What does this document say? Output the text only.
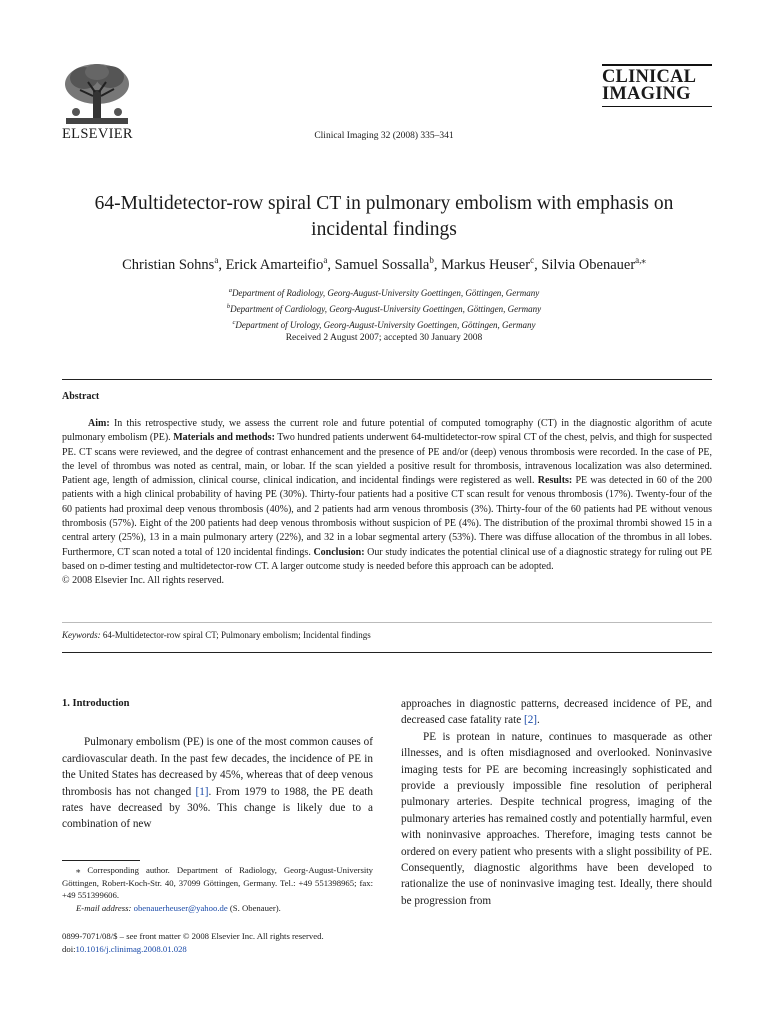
ELSEVIER	Clinical Imaging 32 (2008) 335–341
CLINICAL
IMAGING
64-Multidetector-row spiral CT in pulmonary embolism with emphasis on
incidental findings
Christian Sohns$^a$, Erick Amarteifio$^a$, Samuel Sossalla$^b$, Markus Heuser$^c$, Silvia Obenauer$^{a,⁎}$
$^a$Department of Radiology, Georg-August-University Goettingen, Göttingen, Germany
$^b$Department of Cardiology, Georg-August-University Goettingen, Göttingen, Germany
$^c$Department of Urology, Georg-August-University Goettingen, Göttingen, Germany
Received 2 August 2007; accepted 30 January 2008
Abstract

Aim: In this retrospective study, we assess the current role and future potential of computed tomography (CT) in the diagnostic algorithm of acute pulmonary embolism (PE). Materials and methods: Two hundred patients underwent 64-multidetector-row spiral CT of the chest, pelvis, and thigh for suspected PE. CT scans were reviewed, and the degree of contrast enhancement and the presence of PE and/or (deep) venous thrombosis were recorded. In the case of PE, the level of thrombus was noted as central, main, or lobar. If the scan yielded a positive result for thrombosis, intravenous localization was also determined. Patient age, length of admission, clinical course, clinical indication, and incidental findings were registered as well. Results: PE was detected in 60 of the 200 patients with a high clinical probability of having PE (30%). Thirty-four patients had a positive CT scan result for venous thrombosis (17%). Twenty-four of the 60 patients had proximal deep venous thrombosis (40%), and 2 patients had arm venous thrombosis (3%). Thirty-four of the 60 patients had PE without venous thrombosis (57%). Eight of the 200 patients had deep venous thrombosis without suspicion of PE (4%). The distribution of the proximal thrombi showed 15 in a central artery (25%), 13 in a main pulmonary artery (22%), and 32 in a lobar segmental artery (53%). There was diffuse allocation of the thrombus in all lobes. Furthermore, CT scan noted a total of 120 incidental findings. Conclusion: Our study indicates the potential clinical use of a diagnostic strategy for ruling out PE based on d-dimer testing and multidetector-row CT. A larger outcome study is needed before this approach can be adopted.

© 2008 Elsevier Inc. All rights reserved.

Keywords: 64-Multidetector-row spiral CT; Pulmonary embolism; Incidental findings

1. Introduction

Pulmonary embolism (PE) is one of the most common causes of cardiovascular death. In the past few decades, the incidence of PE in the United States has decreased by 45%, whereas that of deep venous thrombosis has not changed [1]. From 1979 to 1988, the PE death rates have decreased by 30%. This change is likely due to a combination of new

approaches in diagnostic patterns, decreased incidence of PE, and decreased case fatality rate [2].

PE is protean in nature, continues to masquerade as other illnesses, and is often misdiagnosed and overlooked. Noninvasive imaging tests for PE are becoming increasingly sophisticated and provide a previously impossible fine resolution of peripheral pulmonary arteries. Despite technical progress, imaging of the pulmonary arteries has remained costly and potentially harmful, even with noninvasive approaches. Therefore, imaging tests cannot be ordered on every patient who presents with a slight possibility of PE. Consequently, diagnostic algorithms have been developed to rationalize the use of noninvasive imaging test. Ideally, there should be progression from

⁎ Corresponding author. Department of Radiology, Georg-August-University Göttingen, Robert-Koch-Str. 40, 37099 Göttingen, Germany. Tel.: +49 551398965; fax: +49 551399606.

E-mail address: obenauerheuser@yahoo.de (S. Obenauer).

0899-7071/08/$ – see front matter © 2008 Elsevier Inc. All rights reserved.
doi:10.1016/j.clinimag.2008.01.028
